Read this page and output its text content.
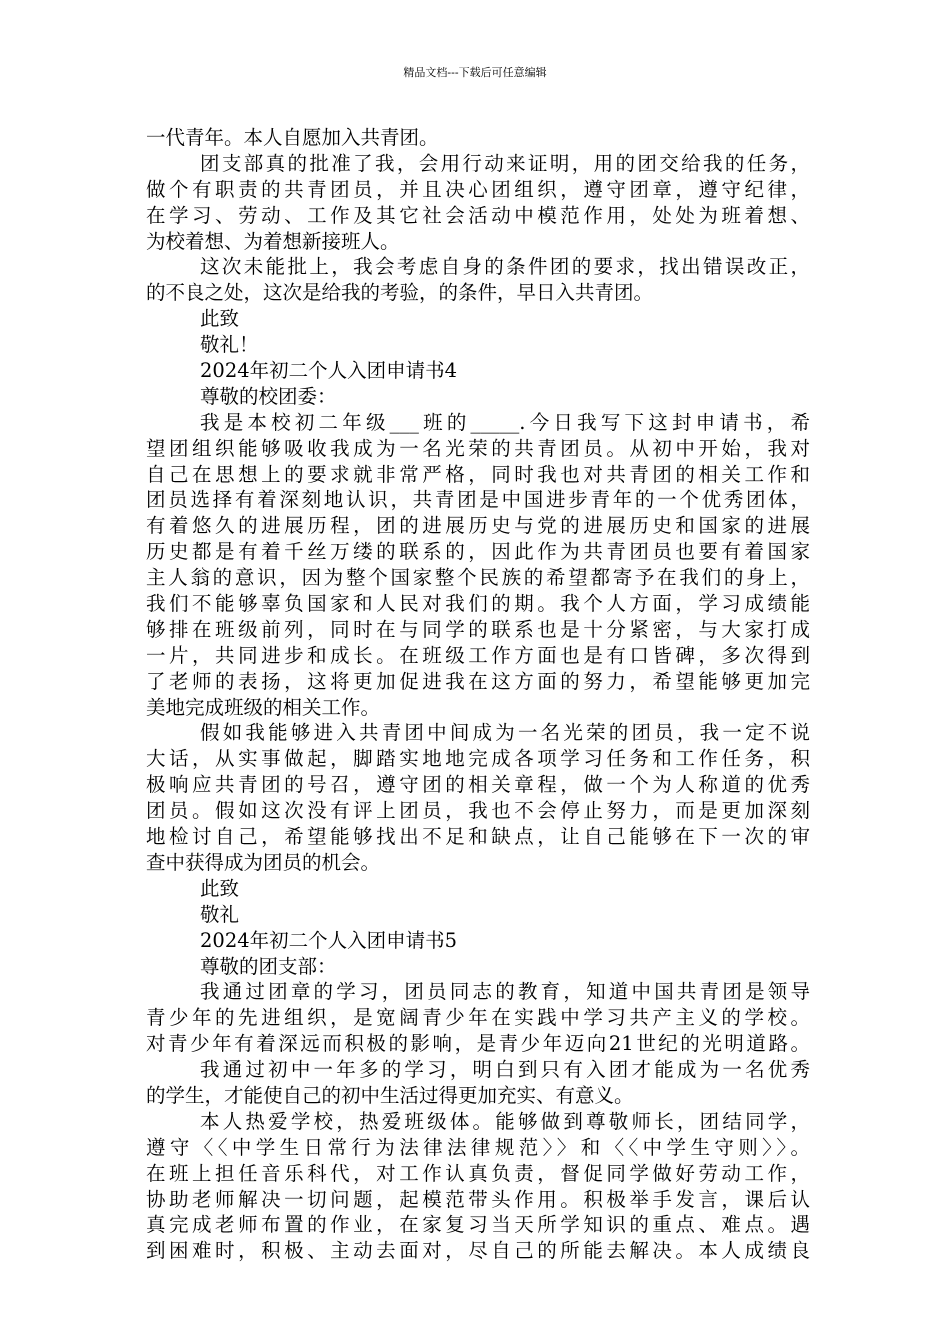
精品文档---下载后可任意编辑
一代青年。本人自愿加入共青团。
团支部真的批准了我，会用行动来证明，用的团交给我的任务，
做个有职责的共青团员，并且决心团组织，遵守团章，遵守纪律，
在学习、劳动、工作及其它社会活动中模范作用，处处为班着想、
为校着想、为着想新接班人。
这次未能批上，我会考虑自身的条件团的要求，找出错误改正，
的不良之处，这次是给我的考验，的条件，早日入共青团。
此致
敬礼！
2024年初二个人入团申请书4
尊敬的校团委：
我是本校初二年级___班的_____.今日我写下这封申请书，希
望团组织能够吸收我成为一名光荣的共青团员。从初中开始，我对
自己在思想上的要求就非常严格，同时我也对共青团的相关工作和
团员选择有着深刻地认识，共青团是中国进步青年的一个优秀团体，
有着悠久的进展历程，团的进展历史与党的进展历史和国家的进展
历史都是有着千丝万缕的联系的，因此作为共青团员也要有着国家
主人翁的意识，因为整个国家整个民族的希望都寄予在我们的身上，
我们不能够辜负国家和人民对我们的期。我个人方面，学习成绩能
够排在班级前列，同时在与同学的联系也是十分紧密，与大家打成
一片，共同进步和成长。在班级工作方面也是有口皆碑，多次得到
了老师的表扬，这将更加促进我在这方面的努力，希望能够更加完
美地完成班级的相关工作。
假如我能够进入共青团中间成为一名光荣的团员，我一定不说
大话，从实事做起，脚踏实地地完成各项学习任务和工作任务，积
极响应共青团的号召，遵守团的相关章程，做一个为人称道的优秀
团员。假如这次没有评上团员，我也不会停止努力，而是更加深刻
地检讨自己，希望能够找出不足和缺点，让自己能够在下一次的审
查中获得成为团员的机会。
此致
敬礼
2024年初二个人入团申请书5
尊敬的团支部：
我通过团章的学习，团员同志的教育，知道中国共青团是领导
青少年的先进组织，是宽阔青少年在实践中学习共产主义的学校。
对青少年有着深远而积极的影响，是青少年迈向21世纪的光明道路。
我通过初中一年多的学习，明白到只有入团才能成为一名优秀
的学生，才能使自己的初中生活过得更加充实、有意义。
本人热爱学校，热爱班级体。能够做到尊敬师长，团结同学，
遵守〈〈中学生日常行为法律法律规范〉〉和〈〈中学生守则〉〉。
在班上担任音乐科代，对工作认真负责，督促同学做好劳动工作，
协助老师解决一切问题，起模范带头作用。积极举手发言，课后认
真完成老师布置的作业，在家复习当天所学知识的重点、难点。遇
到困难时，积极、主动去面对，尽自己的所能去解决。本人成绩良
